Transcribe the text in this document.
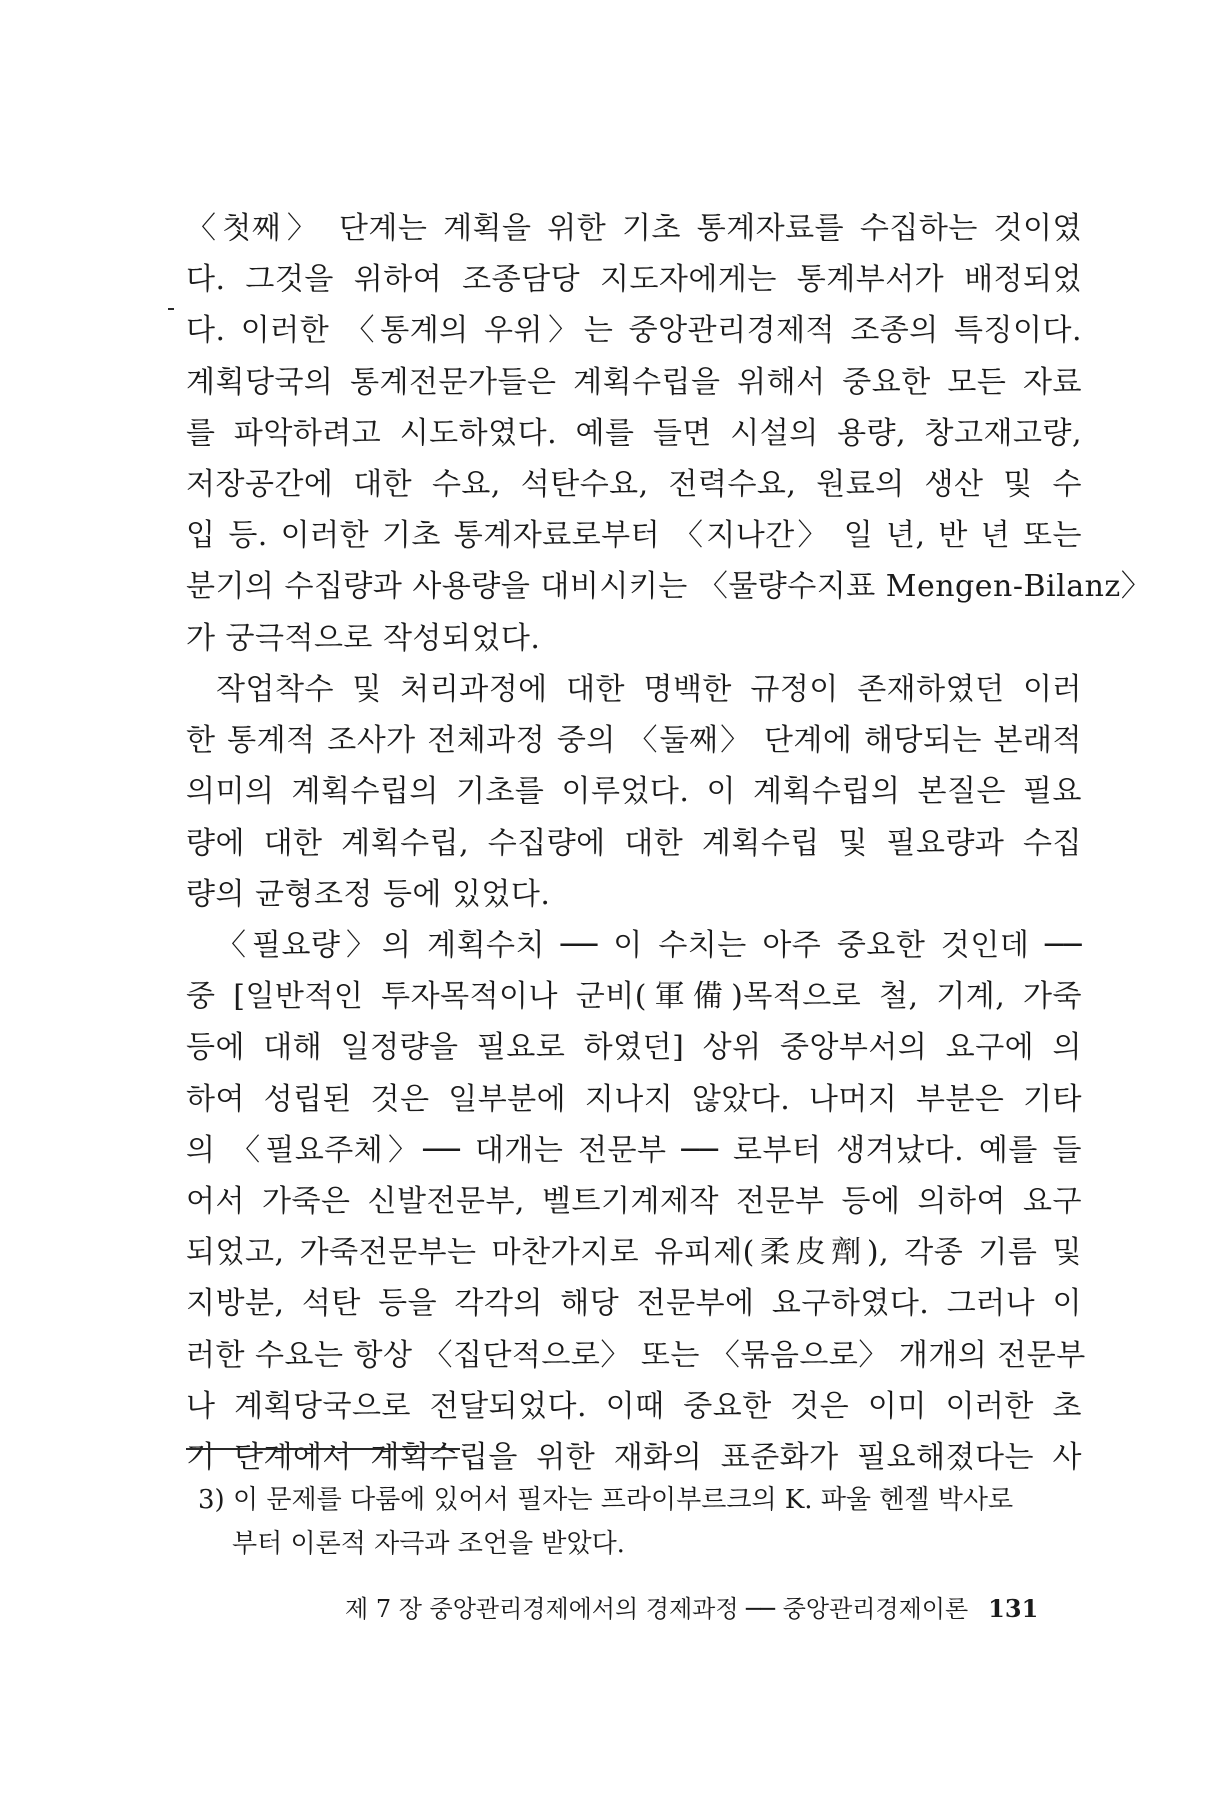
〈첫째〉 단계는 계획을 위한 기초 통계자료를 수집하는 것이였
다. 그것을 위하여 조종담당 지도자에게는 통계부서가 배정되었
다. 이러한 〈통계의 우위〉는 중앙관리경제적 조종의 특징이다.
계획당국의 통계전문가들은 계획수립을 위해서 중요한 모든 자료
를 파악하려고 시도하였다. 예를 들면 시설의 용량, 창고재고량,
저장공간에 대한 수요, 석탄수요, 전력수요, 원료의 생산 및 수
입 등. 이러한 기초 통계자료로부터 〈지나간〉 일 년, 반 년 또는
분기의 수집량과 사용량을 대비시키는 〈물량수지표 Mengen-Bilanz〉
가 궁극적으로 작성되었다.
작업착수 및 처리과정에 대한 명백한 규정이 존재하였던 이러
한 통계적 조사가 전체과정 중의 〈둘째〉 단계에 해당되는 본래적
의미의 계획수립의 기초를 이루었다. 이 계획수립의 본질은 필요
량에 대한 계획수립, 수집량에 대한 계획수립 및 필요량과 수집
량의 균형조정 등에 있었다.
〈필요량〉의 계획수치 ── 이 수치는 아주 중요한 것인데 ──
중 [일반적인 투자목적이나 군비(軍備)목적으로 철, 기계, 가죽
등에 대해 일정량을 필요로 하였던] 상위 중앙부서의 요구에 의
하여 성립된 것은 일부분에 지나지 않았다. 나머지 부분은 기타
의 〈필요주체〉── 대개는 전문부 ── 로부터 생겨났다. 예를 들
어서 가죽은 신발전문부, 벨트기계제작 전문부 등에 의하여 요구
되었고, 가죽전문부는 마찬가지로 유피제(柔皮劑), 각종 기름 및
지방분, 석탄 등을 각각의 해당 전문부에 요구하였다. 그러나 이
러한 수요는 항상 〈집단적으로〉 또는 〈묶음으로〉 개개의 전문부
나 계획당국으로 전달되었다. 이때 중요한 것은 이미 이러한 초
기 단계에서 계획수립을 위한 재화의 표준화가 필요해졌다는 사
3) 이 문제를 다룸에 있어서 필자는 프라이부르크의 K. 파울 헨젤 박사로
부터 이론적 자극과 조언을 받았다.
제 7 장 중앙관리경제에서의 경제과정 ── 중앙관리경제이론 131
